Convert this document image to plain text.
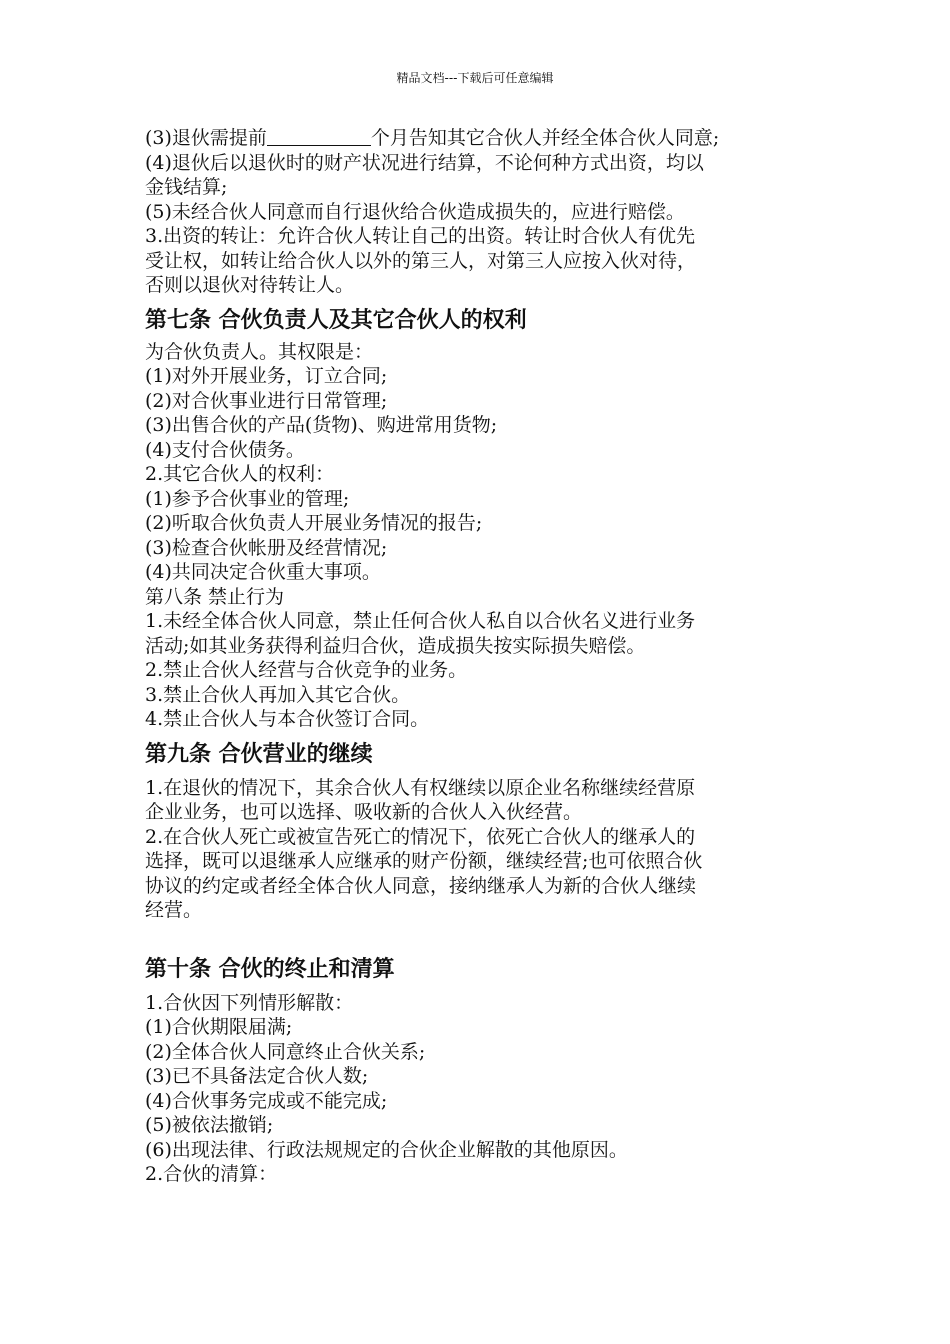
精品文档---下载后可任意编辑
(3)退伙需提前	个月告知其它合伙人并经全体合伙人同意;
(4)退伙后以退伙时的财产状况进行结算，不论何种方式出资，均以
金钱结算;
(5)未经合伙人同意而自行退伙给合伙造成损失的，应进行赔偿。
3.出资的转让：允许合伙人转让自己的出资。转让时合伙人有优先
受让权，如转让给合伙人以外的第三人，对第三人应按入伙对待，
否则以退伙对待转让人。
第七条 合伙负责人及其它合伙人的权利
为合伙负责人。其权限是：
(1)对外开展业务，订立合同;
(2)对合伙事业进行日常管理;
(3)出售合伙的产品(货物)、购进常用货物;
(4)支付合伙债务。
2.其它合伙人的权利：
(1)参予合伙事业的管理;
(2)听取合伙负责人开展业务情况的报告;
(3)检查合伙帐册及经营情况;
(4)共同决定合伙重大事项。
第八条 禁止行为
1.未经全体合伙人同意，禁止任何合伙人私自以合伙名义进行业务
活动;如其业务获得利益归合伙，造成损失按实际损失赔偿。
2.禁止合伙人经营与合伙竞争的业务。
3.禁止合伙人再加入其它合伙。
4.禁止合伙人与本合伙签订合同。
第九条 合伙营业的继续
1.在退伙的情况下，其余合伙人有权继续以原企业名称继续经营原
企业业务，也可以选择、吸收新的合伙人入伙经营。
2.在合伙人死亡或被宣告死亡的情况下，依死亡合伙人的继承人的
选择，既可以退继承人应继承的财产份额，继续经营;也可依照合伙
协议的约定或者经全体合伙人同意，接纳继承人为新的合伙人继续
经营。
第十条 合伙的终止和清算
1.合伙因下列情形解散：
(1)合伙期限届满;
(2)全体合伙人同意终止合伙关系;
(3)已不具备法定合伙人数;
(4)合伙事务完成或不能完成;
(5)被依法撤销;
(6)出现法律、行政法规规定的合伙企业解散的其他原因。
2.合伙的清算：
